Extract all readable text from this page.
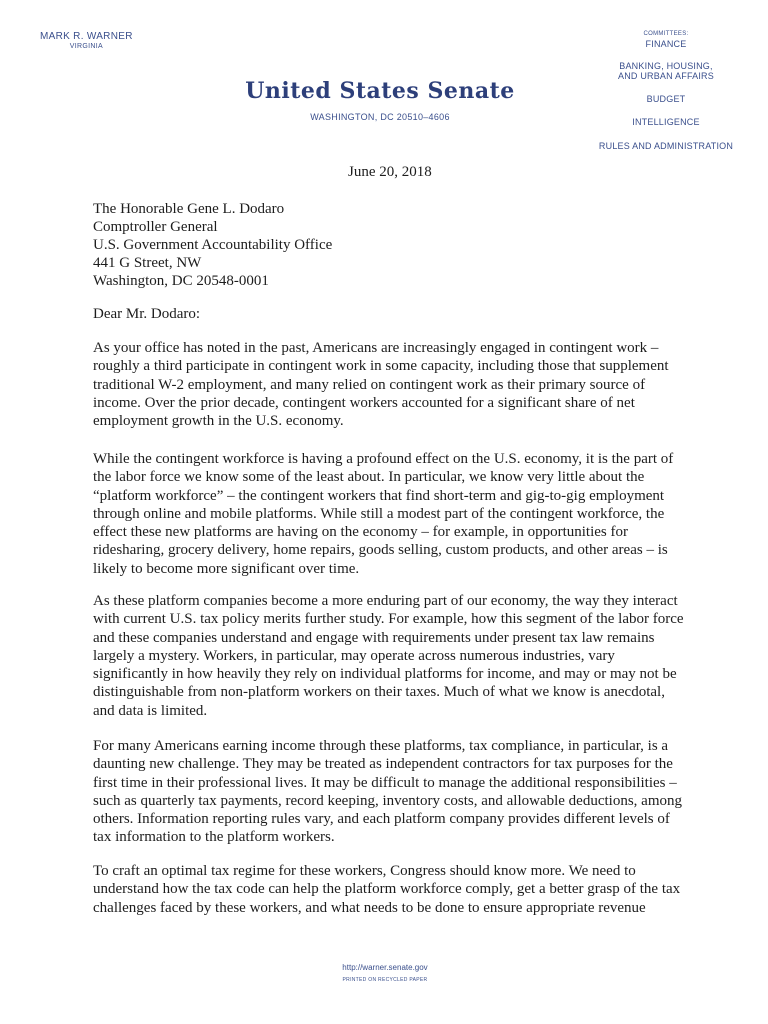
MARK R. WARNER
VIRGINIA
United States Senate
WASHINGTON, DC 20510–4606
COMMITTEES:
FINANCE
BANKING, HOUSING, AND URBAN AFFAIRS
BUDGET
INTELLIGENCE
RULES AND ADMINISTRATION
June 20, 2018
The Honorable Gene L. Dodaro
Comptroller General
U.S. Government Accountability Office
441 G Street, NW
Washington, DC 20548-0001
Dear Mr. Dodaro:

As your office has noted in the past, Americans are increasingly engaged in contingent work – roughly a third participate in contingent work in some capacity, including those that supplement traditional W-2 employment, and many relied on contingent work as their primary source of income. Over the prior decade, contingent workers accounted for a significant share of net employment growth in the U.S. economy.

While the contingent workforce is having a profound effect on the U.S. economy, it is the part of the labor force we know some of the least about. In particular, we know very little about the “platform workforce” – the contingent workers that find short-term and gig-to-gig employment through online and mobile platforms. While still a modest part of the contingent workforce, the effect these new platforms are having on the economy – for example, in opportunities for ridesharing, grocery delivery, home repairs, goods selling, custom products, and other areas – is likely to become more significant over time.

As these platform companies become a more enduring part of our economy, the way they interact with current U.S. tax policy merits further study. For example, how this segment of the labor force and these companies understand and engage with requirements under present tax law remains largely a mystery. Workers, in particular, may operate across numerous industries, vary significantly in how heavily they rely on individual platforms for income, and may or may not be distinguishable from non-platform workers on their taxes. Much of what we know is anecdotal, and data is limited.

For many Americans earning income through these platforms, tax compliance, in particular, is a daunting new challenge. They may be treated as independent contractors for tax purposes for the first time in their professional lives. It may be difficult to manage the additional responsibilities – such as quarterly tax payments, record keeping, inventory costs, and allowable deductions, among others. Information reporting rules vary, and each platform company provides different levels of tax information to the platform workers.

To craft an optimal tax regime for these workers, Congress should know more. We need to understand how the tax code can help the platform workforce comply, get a better grasp of the tax challenges faced by these workers, and what needs to be done to ensure appropriate revenue

http://warner.senate.gov
PRINTED ON RECYCLED PAPER
